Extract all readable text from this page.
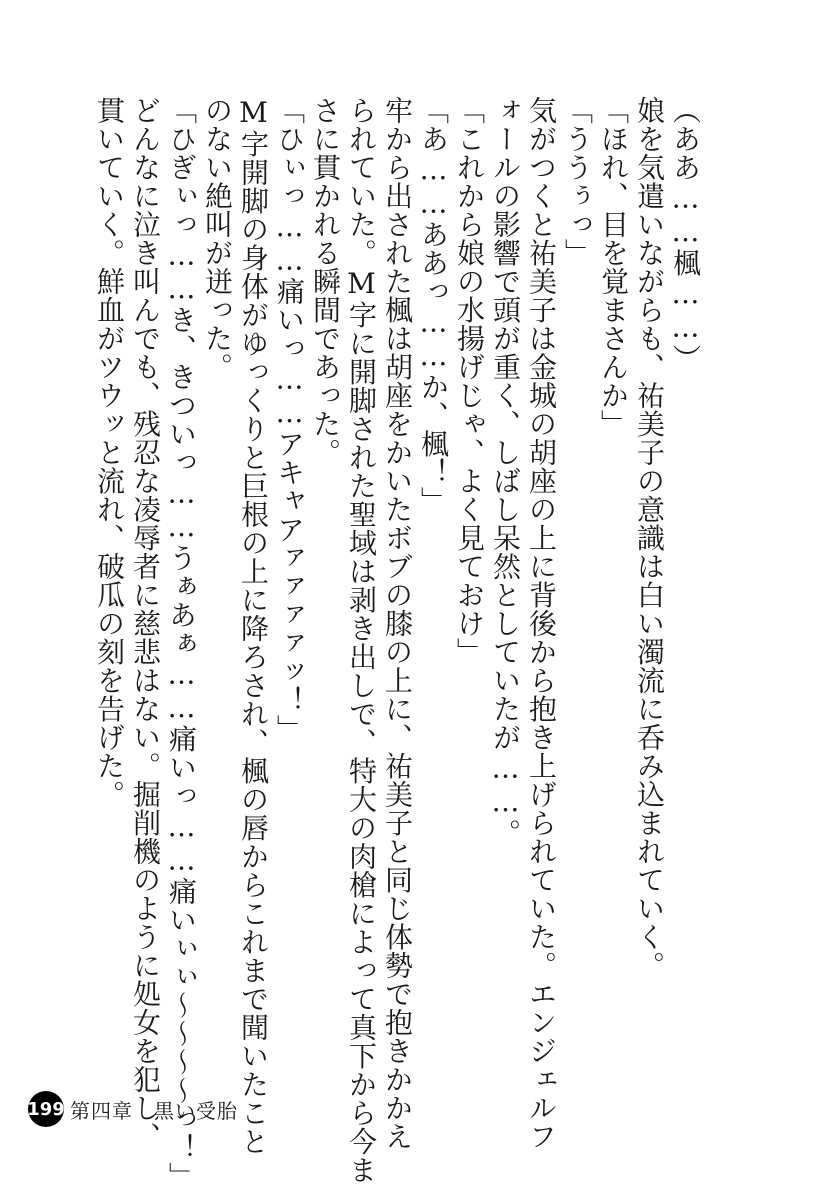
（ああ……楓……）

娘を気遣いながらも、祐美子の意識は白い濁流に呑み込まれていく。

「ほれ、目を覚まさんか」

「ううぅっ」

気がつくと祐美子は金城の胡座の上に背後から抱き上げられていた。エンジェルフ

ォールの影響で頭が重く、しばし呆然としていたが……。

「これから娘の水揚げじゃ、よく見ておけ」

「あ……ああっ……か、楓！」

牢から出された楓は胡座をかいたボブの膝の上に、祐美子と同じ体勢で抱きかかえ

られていた。M字に開脚された聖域は剥き出しで、特大の肉槍によって真下から今ま

さに貫かれる瞬間であった。

「ひぃっ……痛いっ……アキャアァァァァッ！」

M字開脚の身体がゆっくりと巨根の上に降ろされ、楓の唇からこれまで聞いたこと

のない絶叫が迸った。

「ひぎぃっ……き、きついっ……うぁあぁ……痛いっ……痛いぃぃ～～～～っ！」

どんなに泣き叫んでも、残忍な凌辱者に慈悲はない。掘削機のように処女を犯し、

貫いていく。鮮血がツウッと流れ、破瓜の刻を告げた。

199 第四章　黒い受胎
